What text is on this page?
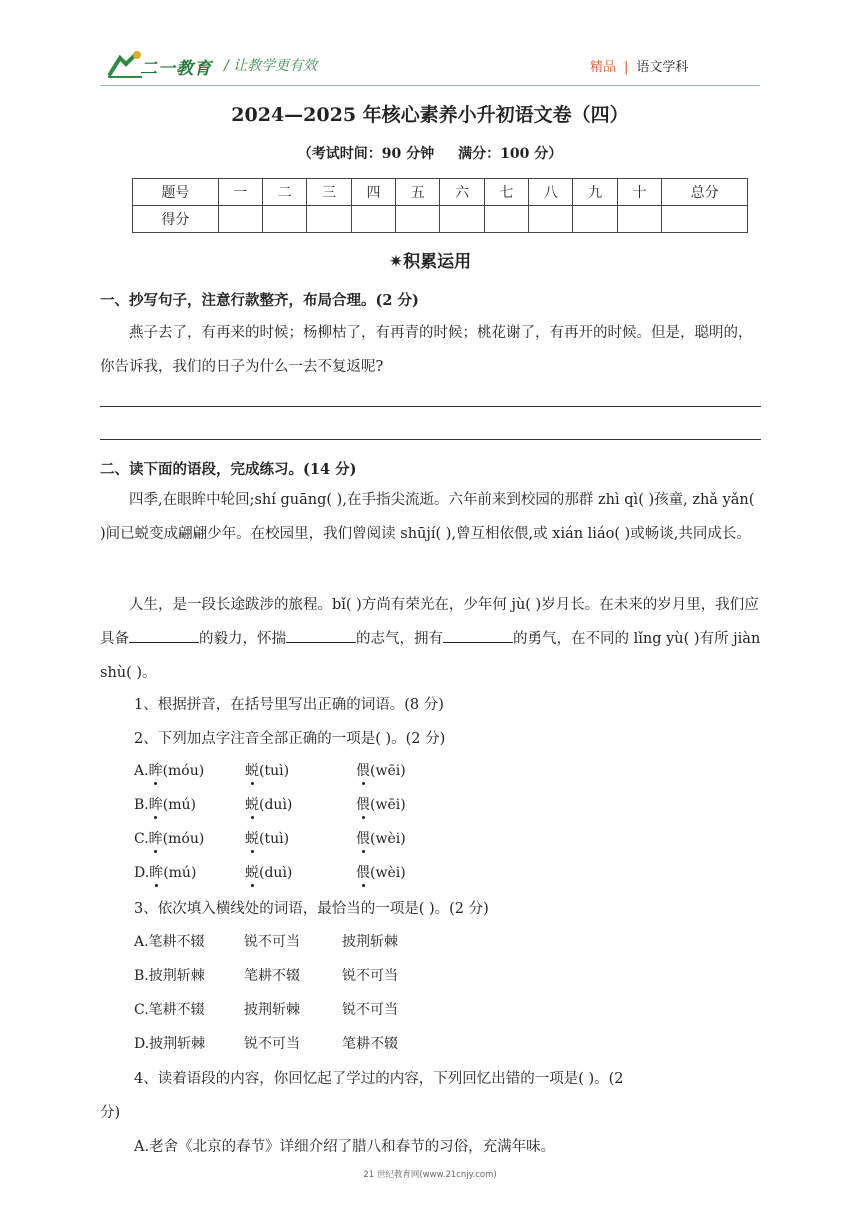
二一教育 / 让教学更有效	精品 | 语文学科
2024—2025 年核心素养小升初语文卷（四）
（考试时间：90 分钟 满分：100 分）
题号	一	二	三	四	五	六	七	八	九	十	总分
得分											
✷积累运用
一、抄写句子，注意行款整齐，布局合理。(2 分)
燕子去了，有再来的时候；杨柳枯了，有再青的时候；桃花谢了，有再开的时候。但是，聪明的，你告诉我，我们的日子为什么一去不复返呢?
二、读下面的语段，完成练习。(14 分)
四季,在眼眸中轮回;shí guāng( ),在手指尖流逝。六年前来到校园的那群 zhì qì( )孩童, zhǎ yǎn( )间已蜕变成翩翩少年。在校园里，我们曾阅读 shūjí( ),曾互相依偎,或 xián liáo( )或畅谈,共同成长。
人生，是一段长途跋涉的旅程。bǐ( )方尚有荣光在，少年何 jù( )岁月长。在未来的岁月里，我们应具备	的毅力，怀揣	的志气，拥有	的勇气，在不同的 lǐng yù( )有所 jiàn shù( )。
1、根据拼音，在括号里写出正确的词语。(8 分)
2、下列加点字注音全部正确的一项是( )。(2 分)
A.眸(móu)	蜕(tuì)	偎(wēi)
B.眸(mú)	蜕(duì)	偎(wēi)
C.眸(móu)	蜕(tuì)	偎(wèi)
D.眸(mú)	蜕(duì)	偎(wèi)
3、依次填入横线处的词语，最恰当的一项是( )。(2 分)
A.笔耕不辍	锐不可当	披荆斩棘
B.披荆斩棘	笔耕不辍	锐不可当
C.笔耕不辍	披荆斩棘	锐不可当
D.披荆斩棘	锐不可当	笔耕不辍
4、读着语段的内容，你回忆起了学过的内容，下列回忆出错的一项是( )。(2
分)
A.老舍《北京的春节》详细介绍了腊八和春节的习俗，充满年味。
21 世纪教育网(www.21cnjy.com)
